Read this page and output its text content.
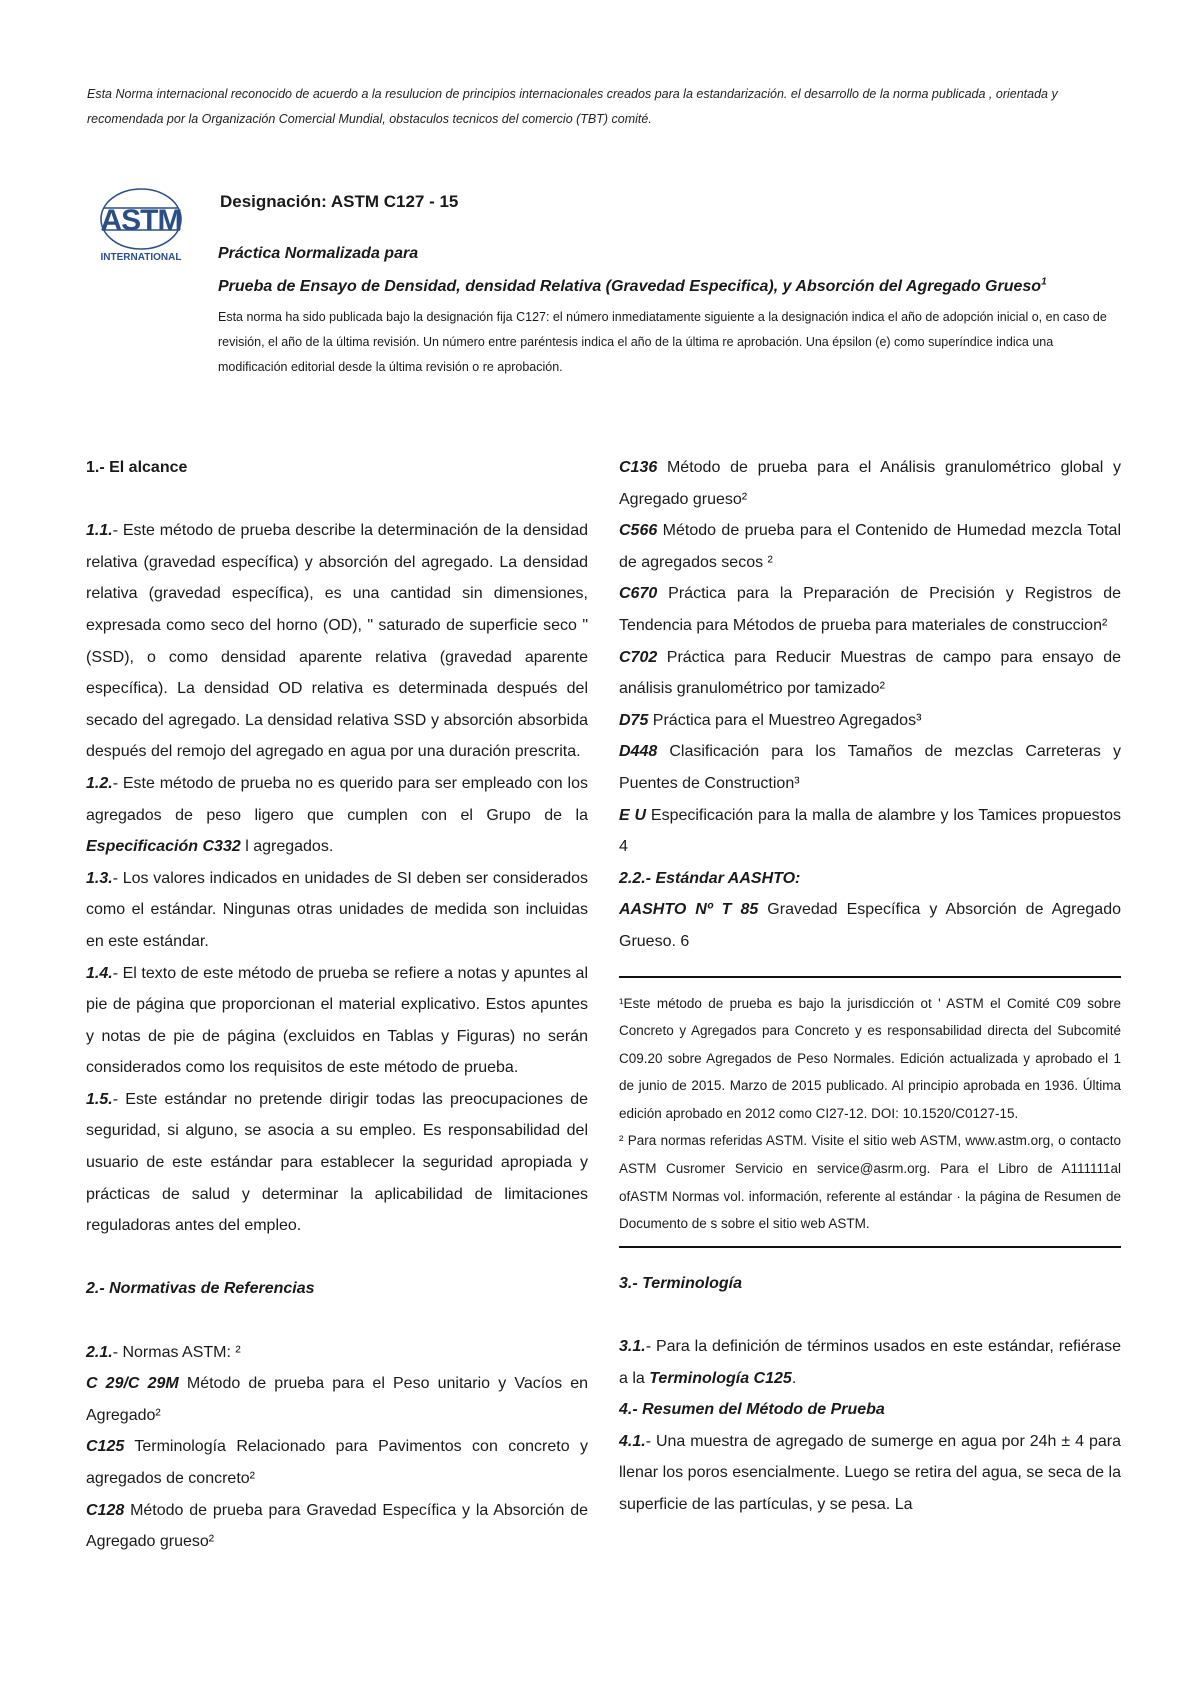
Esta Norma internacional reconocido de acuerdo a la resulucion de principios internacionales creados para la estandarización. el desarrollo de la norma publicada , orientada y recomendada por la Organización Comercial Mundial, obstaculos tecnicos del comercio (TBT) comité.
ASTM
INTERNATIONAL
Designación: ASTM C127 - 15
Práctica Normalizada para
Prueba de Ensayo de Densidad, densidad Relativa (Gravedad Especifica), y Absorción del Agregado Grueso$^1$
Esta norma ha sido publicada bajo la designación fija C127: el número inmediatamente siguiente a la designación indica el año de adopción inicial o, en caso de revisión, el año de la última revisión. Un número entre paréntesis indica el año de la última re aprobación. Una épsilon (e) como superíndice indica una modificación editorial desde la última revisión o re aprobación.

1.- El alcance

1.1.- Este método de prueba describe la determinación de la densidad relativa (gravedad específica) y absorción del agregado. La densidad relativa (gravedad específica), es una cantidad sin dimensiones, expresada como seco del horno (OD), " saturado de superficie seco " (SSD), o como densidad aparente relativa (gravedad aparente específica). La densidad OD relativa es determinada después del secado del agregado. La densidad relativa SSD y absorción absorbida después del remojo del agregado en agua por una duración prescrita.

1.2.- Este método de prueba no es querido para ser empleado con los agregados de peso ligero que cumplen con el Grupo de la Especificación C332 l agregados.

1.3.- Los valores indicados en unidades de SI deben ser considerados como el estándar. Ningunas otras unidades de medida son incluidas en este estándar.

1.4.- El texto de este método de prueba se refiere a notas y apuntes al pie de página que proporcionan el material explicativo. Estos apuntes y notas de pie de página (excluidos en Tablas y Figuras) no serán considerados como los requisitos de este método de prueba.

1.5.- Este estándar no pretende dirigir todas las preocupaciones de seguridad, si alguno, se asocia a su empleo. Es responsabilidad del usuario de este estándar para establecer la seguridad apropiada y prácticas de salud y determinar la aplicabilidad de limitaciones reguladoras antes del empleo.

2.- Normativas de Referencias

2.1.- Normas ASTM: ²

C 29/C 29M Método de prueba para el Peso unitario y Vacíos en Agregado²

C125 Terminología Relacionado para Pavimentos con concreto y agregados de concreto²

C128 Método de prueba para Gravedad Específica y la Absorción de Agregado grueso²

C136 Método de prueba para el Análisis granulométrico global y Agregado grueso²

C566 Método de prueba para el Contenido de Humedad mezcla Total de agregados secos ²

C670 Práctica para la Preparación de Precisión y Registros de Tendencia para Métodos de prueba para materiales de construccion²

C702 Práctica para Reducir Muestras de campo para ensayo de análisis granulométrico por tamizado²

D75 Práctica para el Muestreo Agregados³

D448 Clasificación para los Tamaños de mezclas Carreteras y Puentes de Construction³

E U Especificación para la malla de alambre y los Tamices propuestos 4

2.2.- Estándar AASHTO:

AASHTO Nº T 85 Gravedad Específica y Absorción de Agregado Grueso. 6

¹Este método de prueba es bajo la jurisdicción ot ' ASTM el Comité C09 sobre Concreto y Agregados para Concreto y es responsabilidad directa del Subcomité C09.20 sobre Agregados de Peso Normales. Edición actualizada y aprobado el 1 de junio de 2015. Marzo de 2015 publicado. Al principio aprobada en 1936. Última edición aprobado en 2012 como CI27-12. DOI: 10.1520/C0127-15.

² Para normas referidas ASTM. Visite el sitio web ASTM, www.astm.org, o contacto ASTM Cusromer Servicio en service@asrm.org. Para el Libro de A111111al ofASTM Normas vol. información, referente al estándar · la página de Resumen de Documento de s sobre el sitio web ASTM.

3.- Terminología

3.1.- Para la definición de términos usados en este estándar, refiérase a la Terminología C125.

4.- Resumen del Método de Prueba

4.1.- Una muestra de agregado de sumerge en agua por 24h ± 4 para llenar los poros esencialmente. Luego se retira del agua, se seca de la superficie de las partículas, y se pesa. La
